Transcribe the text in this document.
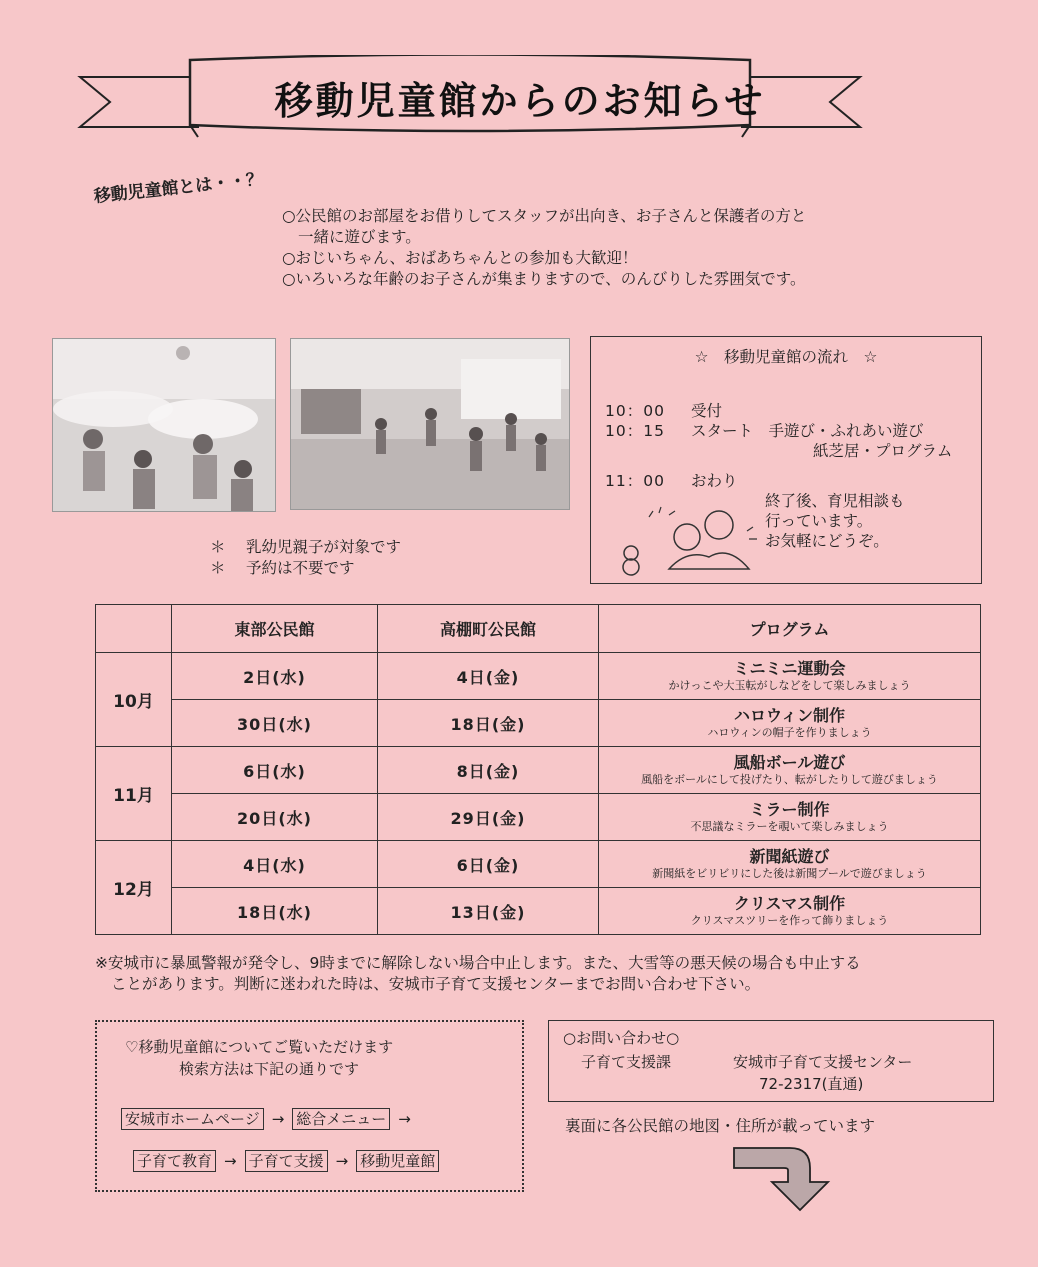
移動児童館からのお知らせ
移動児童館とは・・？
○公民館のお部屋をお借りしてスタッフが出向き、お子さんと保護者の方と
一緒に遊びます。
○おじいちゃん、おばあちゃんとの参加も大歓迎！
○いろいろな年齢のお子さんが集まりますので、のんびりした雰囲気です。
＊ 乳幼児親子が対象です
＊ 予約は不要です
☆　移動児童館の流れ　☆
10：00 受付
10：15 スタート　手遊び・ふれあい遊び
紙芝居・プログラム
11：00 おわり
終了後、育児相談も
行っています。
お気軽にどうぞ。
	東部公民館	高棚町公民館	プログラム
10月	2日(水)	4日(金)	ミニミニ運動会
かけっこや大玉転がしなどをして楽しみましょう

	30日(水)	18日(金)	ハロウィン制作
ハロウィンの帽子を作りましょう

11月	6日(水)	8日(金)	風船ボール遊び
風船をボールにして投げたり、転がしたりして遊びましょう

	20日(水)	29日(金)	ミラー制作
不思議なミラーを覗いて楽しみましょう

12月	4日(水)	6日(金)	新聞紙遊び
新聞紙をビリビリにした後は新聞プールで遊びましょう

	18日(水)	13日(金)	クリスマス制作
クリスマスツリーを作って飾りましょう
※安城市に暴風警報が発令し、9時までに解除しない場合中止します。また、大雪等の悪天候の場合も中止する
ことがあります。判断に迷われた時は、安城市子育て支援センターまでお問い合わせ下さい。
♡移動児童館についてご覧いただけます
検索方法は下記の通りです
安城市ホームページ → 総合メニュー →
子育て教育 → 子育て支援 → 移動児童館
○お問い合わせ○
子育て支援課	安城市子育て支援センター
72-2317(直通)
裏面に各公民館の地図・住所が載っています
